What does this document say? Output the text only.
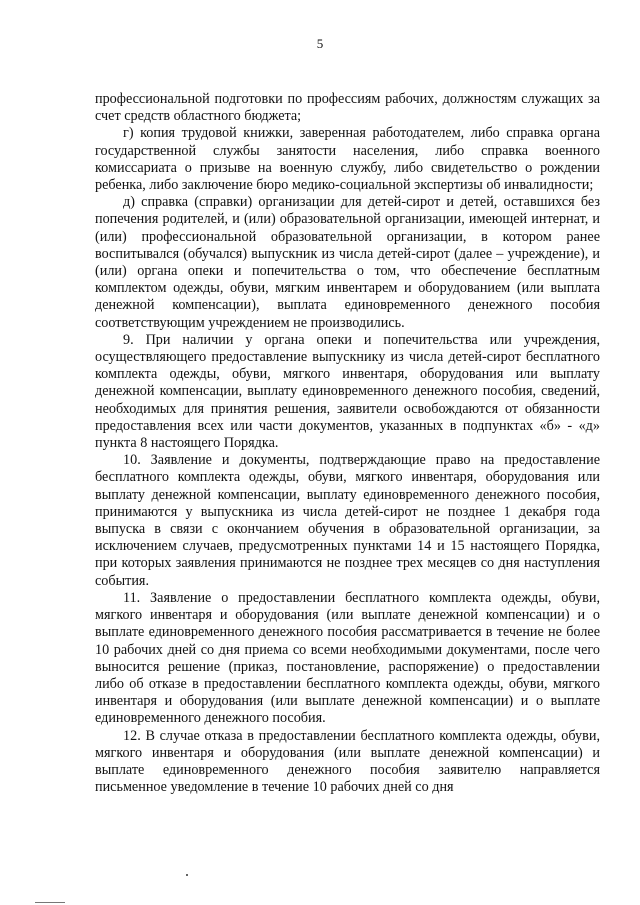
5

профессиональной подготовки по профессиям рабочих, должностям служащих за счет средств областного бюджета;

г) копия трудовой книжки, заверенная работодателем, либо справка органа государственной службы занятости населения, либо справка военного комиссариата о призыве на военную службу, либо свидетельство о рождении ребенка, либо заключение бюро медико-социальной экспертизы об инвалидности;

д) справка (справки) организации для детей-сирот и детей, оставшихся без попечения родителей, и (или) образовательной организации, имеющей интернат, и (или) профессиональной образовательной организации, в котором ранее воспитывался (обучался) выпускник из числа детей-сирот (далее – учреждение), и (или) органа опеки и попечительства о том, что обеспечение бесплатным комплектом одежды, обуви, мягким инвентарем и оборудованием (или выплата денежной компенсации), выплата единовременного денежного пособия соответствующим учреждением не производились.

9. При наличии у органа опеки и попечительства или учреждения, осуществляющего предоставление выпускнику из числа детей-сирот бесплатного комплекта одежды, обуви, мягкого инвентаря, оборудования или выплату денежной компенсации, выплату единовременного денежного пособия, сведений, необходимых для принятия решения, заявители освобождаются от обязанности предоставления всех или части документов, указанных в подпунктах «б» - «д» пункта 8 настоящего Порядка.

10. Заявление и документы, подтверждающие право на предоставление бесплатного комплекта одежды, обуви, мягкого инвентаря, оборудования или выплату денежной компенсации, выплату единовременного денежного пособия, принимаются у выпускника из числа детей-сирот не позднее 1 декабря года выпуска в связи с окончанием обучения в образовательной организации, за исключением случаев, предусмотренных пунктами 14 и 15 настоящего Порядка, при которых заявления принимаются не позднее трех месяцев со дня наступления события.

11. Заявление о предоставлении бесплатного комплекта одежды, обуви, мягкого инвентаря и оборудования (или выплате денежной компенсации) и о выплате единовременного денежного пособия рассматривается в течение не более 10 рабочих дней со дня приема со всеми необходимыми документами, после чего выносится решение (приказ, постановление, распоряжение) о предоставлении либо об отказе в предоставлении бесплатного комплекта одежды, обуви, мягкого инвентаря и оборудования (или выплате денежной компенсации) и о выплате единовременного денежного пособия.

12. В случае отказа в предоставлении бесплатного комплекта одежды, обуви, мягкого инвентаря и оборудования (или выплате денежной компенсации) и выплате единовременного денежного пособия заявителю направляется письменное уведомление в течение 10 рабочих дней со дня
